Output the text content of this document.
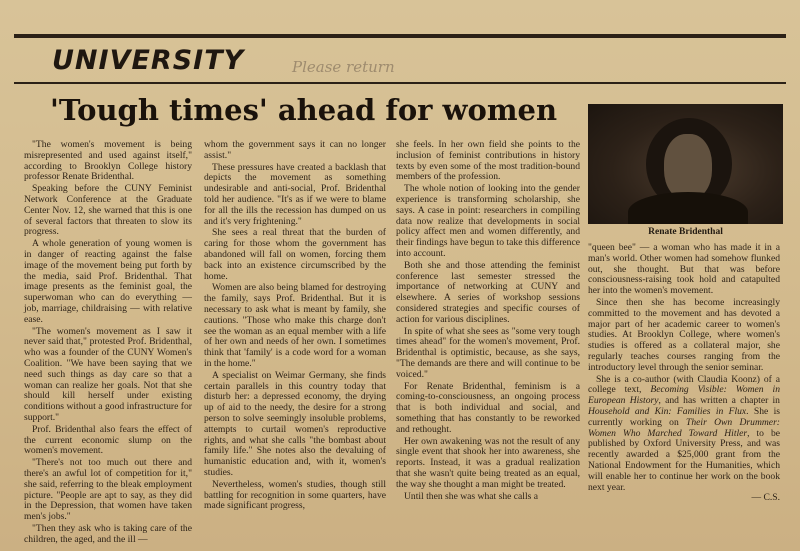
UNIVERSITY	Please return
'Tough times' ahead for women

"The women's movement is being misrepresented and used against itself," according to Brooklyn College history professor Renate Bridenthal.

Speaking before the CUNY Feminist Network Conference at the Graduate Center Nov. 12, she warned that this is one of several factors that threaten to slow its progress.

A whole generation of young women is in danger of reacting against the false image of the movement being put forth by the media, said Prof. Bridenthal. That image presents as the feminist goal, the superwoman who can do everything — job, marriage, childraising — with relative ease.

"The women's movement as I saw it never said that," protested Prof. Bridenthal, who was a founder of the CUNY Women's Coalition. "We have been saying that we need such things as day care so that a woman can realize her goals. Not that she should kill herself under existing conditions without a good infrastructure for support."

Prof. Bridenthal also fears the effect of the current economic slump on the women's movement.

"There's not too much out there and there's an awful lot of competition for it," she said, referring to the bleak employment picture. "People are apt to say, as they did in the Depression, that women have taken men's jobs."

"Then they ask who is taking care of the children, the aged, and the ill —

whom the government says it can no longer assist."

These pressures have created a backlash that depicts the movement as something undesirable and anti-social, Prof. Bridenthal told her audience. "It's as if we were to blame for all the ills the recession has dumped on us and it's very frightening."

She sees a real threat that the burden of caring for those whom the government has abandoned will fall on women, forcing them back into an existence circumscribed by the home.

Women are also being blamed for destroying the family, says Prof. Bridenthal. But it is necessary to ask what is meant by family, she cautions. "Those who make this charge don't see the woman as an equal member with a life of her own and needs of her own. I sometimes think that 'family' is a code word for a woman in the home."

A specialist on Weimar Germany, she finds certain parallels in this country today that disturb her: a depressed economy, the drying up of aid to the needy, the desire for a strong person to solve seemingly insoluble problems, attempts to curtail women's reproductive rights, and what she calls "the bombast about family life." She notes also the devaluing of humanistic education and, with it, women's studies.

Nevertheless, women's studies, though still battling for recognition in some quarters, have made significant progress,

she feels. In her own field she points to the inclusion of feminist contributions in history texts by even some of the most tradition-bound members of the profession.

The whole notion of looking into the gender experience is transforming scholarship, she says. A case in point: researchers in compiling data now realize that developments in social policy affect men and women differently, and their findings have begun to take this difference into account.

Both she and those attending the feminist conference last semester stressed the importance of networking at CUNY and elsewhere. A series of workshop sessions considered strategies and specific courses of action for various disciplines.

In spite of what she sees as "some very tough times ahead" for the women's movement, Prof. Bridenthal is optimistic, because, as she says, "The demands are there and will continue to be voiced."

For Renate Bridenthal, feminism is a coming-to-consciousness, an ongoing process that is both individual and social, and something that has constantly to be reworked and rethought.

Her own awakening was not the result of any single event that shook her into awareness, she reports. Instead, it was a gradual realization that she wasn't quite being treated as an equal, the way she thought a man might be treated.

Until then she was what she calls a

Renate Bridenthal

"queen bee" — a woman who has made it in a man's world. Other women had somehow flunked out, she thought. But that was before consciousness-raising took hold and catapulted her into the women's movement.

Since then she has become increasingly committed to the movement and has devoted a major part of her academic career to women's studies. At Brooklyn College, where women's studies is offered as a collateral major, she regularly teaches courses ranging from the introductory level through the senior seminar.

She is a co-author (with Claudia Koonz) of a college text, Becoming Visible: Women in European History, and has written a chapter in Household and Kin: Families in Flux. She is currently working on Their Own Drummer: Women Who Marched Toward Hitler, to be published by Oxford University Press, and was recently awarded a $25,000 grant from the National Endowment for the Humanities, which will enable her to continue her work on the book next year.
— C.S.
